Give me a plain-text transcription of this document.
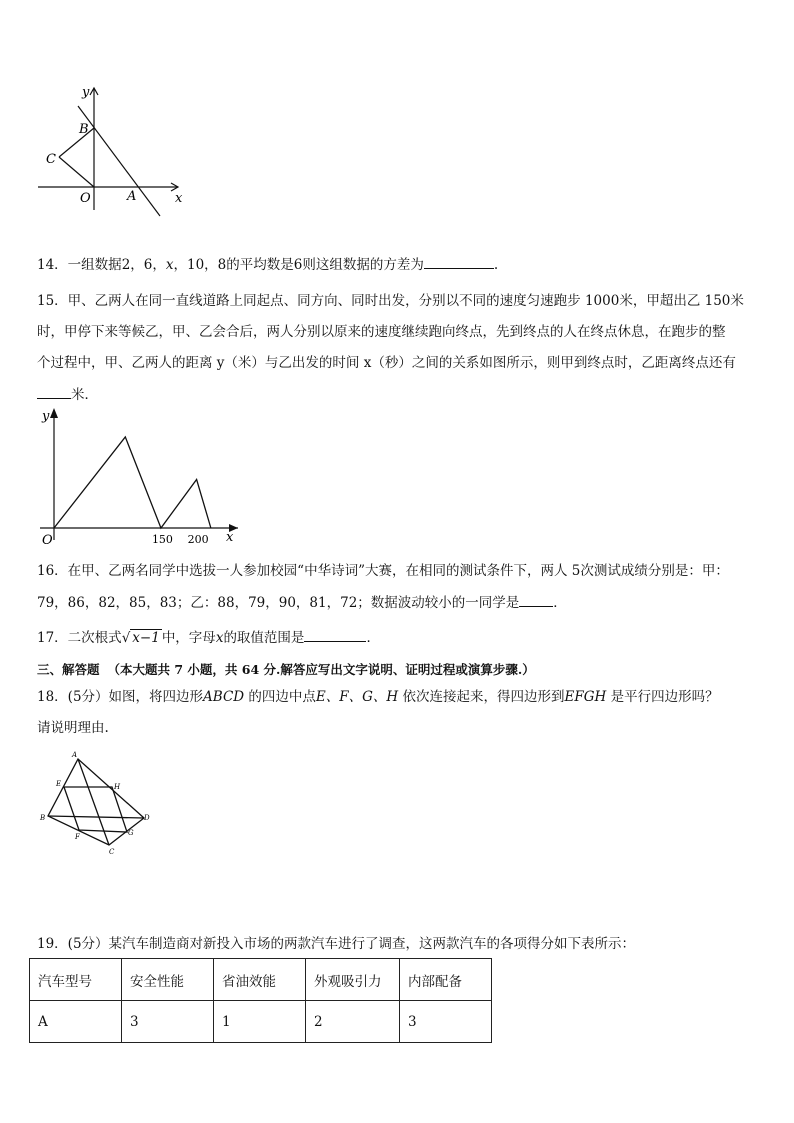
y
x
B
C
O	A
14．一组数据2，6，x，10，8的平均数是6则这组数据的方差为	.
15．甲、乙两人在同一直线道路上同起点、同方向、同时出发，分别以不同的速度匀速跑步 1000米，甲超出乙 150米
时，甲停下来等候乙，甲、乙会合后，两人分别以原来的速度继续跑向终点，先到终点的人在终点休息，在跑步的整
个过程中，甲、乙两人的距离 y（米）与乙出发的时间 x（秒）之间的关系如图所示，则甲到终点时，乙距离终点还有
米．
y
x
O	150 200
16．在甲、乙两名同学中选拔一人参加校园“中华诗词”大赛，在相同的测试条件下，两人 5次测试成绩分别是：甲：
79，86，82，85，83；乙：88，79，90，81，72；数据波动较小的一同学是	．
17．二次根式√ x−1 中，字母x的取值范围是	．
三、解答题 （本大题共 7 小题，共 64 分.解答应写出文字说明、证明过程或演算步骤.）
18．(5分）如图，将四边形ABCD 的四边中点E、F、G、H 依次连接起来，得四边形到EFGH 是平行四边形吗？
请说明理由.
A
B
C
D
E
F	G
H
19．(5分）某汽车制造商对新投入市场的两款汽车进行了调查，这两款汽车的各项得分如下表所示：
汽车型号	安全性能	省油效能	外观吸引力	内部配备
A	3	1	2	3
